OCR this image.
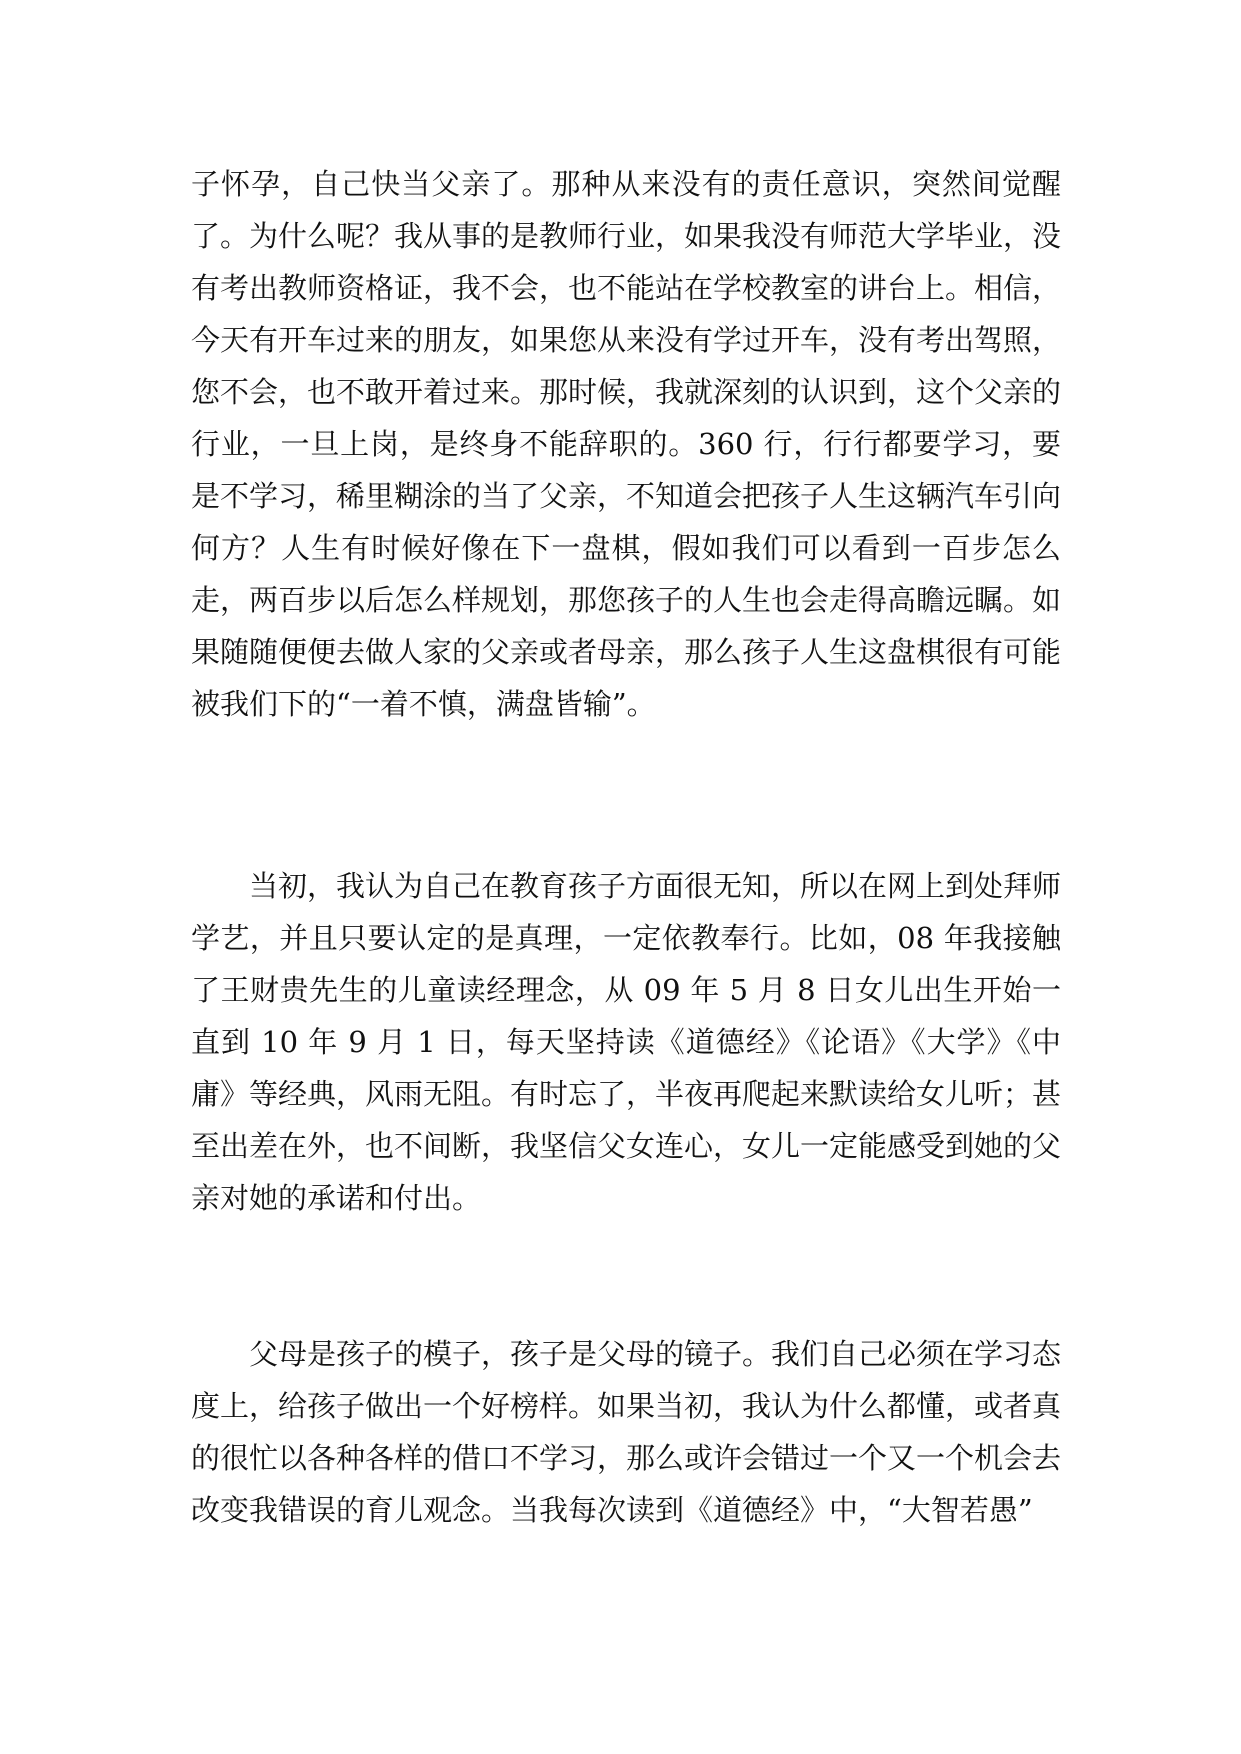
子怀孕，自己快当父亲了。那种从来没有的责任意识，突然间觉醒了。为什么呢？我从事的是教师行业，如果我没有师范大学毕业，没有考出教师资格证，我不会，也不能站在学校教室的讲台上。相信，今天有开车过来的朋友，如果您从来没有学过开车，没有考出驾照，您不会，也不敢开着过来。那时候，我就深刻的认识到，这个父亲的行业，一旦上岗，是终身不能辞职的。360 行，行行都要学习，要是不学习，稀里糊涂的当了父亲，不知道会把孩子人生这辆汽车引向何方？人生有时候好像在下一盘棋，假如我们可以看到一百步怎么走，两百步以后怎么样规划，那您孩子的人生也会走得高瞻远瞩。如果随随便便去做人家的父亲或者母亲，那么孩子人生这盘棋很有可能被我们下的“一着不慎，满盘皆输”。

当初，我认为自己在教育孩子方面很无知，所以在网上到处拜师学艺，并且只要认定的是真理，一定依教奉行。比如，08 年我接触了王财贵先生的儿童读经理念，从 09 年 5 月 8 日女儿出生开始一直到 10 年 9 月 1 日，每天坚持读《道德经》《论语》《大学》《中庸》等经典，风雨无阻。有时忘了，半夜再爬起来默读给女儿听；甚至出差在外，也不间断，我坚信父女连心，女儿一定能感受到她的父亲对她的承诺和付出。

父母是孩子的模子，孩子是父母的镜子。我们自己必须在学习态度上，给孩子做出一个好榜样。如果当初，我认为什么都懂，或者真的很忙以各种各样的借口不学习，那么或许会错过一个又一个机会去改变我错误的育儿观念。当我每次读到《道德经》中，“大智若愚”
